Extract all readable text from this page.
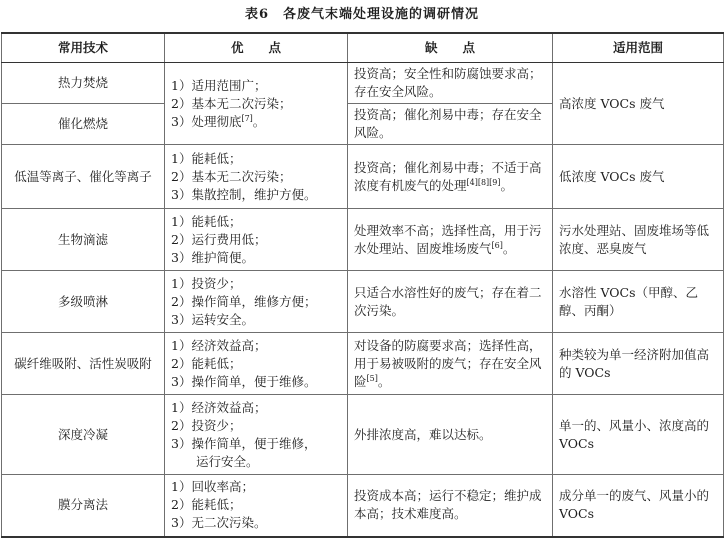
表6　各废气末端处理设施的调研情况
常用技术	优　　点	缺　　点	适用范围
热力焚烧	1）适用范围广；
2）基本无二次污染；
3）处理彻底[7]。	投资高；安全性和防腐蚀要求高；存在安全风险。	高浓度 VOCs 废气
催化燃烧		投资高；催化剂易中毒；存在安全风险。	
低温等离子、催化等离子	1）能耗低；
2）基本无二次污染；
3）集散控制，维护方便。	投资高；催化剂易中毒；不适于高浓度有机废气的处理[4][8][9]。	低浓度 VOCs 废气
生物滴滤	1）能耗低；
2）运行费用低；
3）维护简便。	处理效率不高；选择性高，用于污水处理站、固废堆场废气[6]。	污水处理站、固废堆场等低浓度、恶臭废气
多级喷淋	1）投资少；
2）操作简单，维修方便；
3）运转安全。	只适合水溶性好的废气；存在着二次污染。	水溶性 VOCs（甲醇、乙醇、丙酮）
碳纤维吸附、活性炭吸附	1）经济效益高；
2）能耗低；
3）操作简单，便于维修。	对设备的防腐要求高；选择性高，用于易被吸附的废气；存在安全风险[5]。	种类较为单一经济附加值高的 VOCs
深度冷凝	1）经济效益高；
2）投资少；
3）操作简单，便于维修，
　　运行安全。	外排浓度高，难以达标。	单一的、风量小、浓度高的 VOCs
膜分离法	1）回收率高；
2）能耗低；
3）无二次污染。	投资成本高；运行不稳定；维护成本高；技术难度高。	成分单一的废气、风量小的 VOCs
